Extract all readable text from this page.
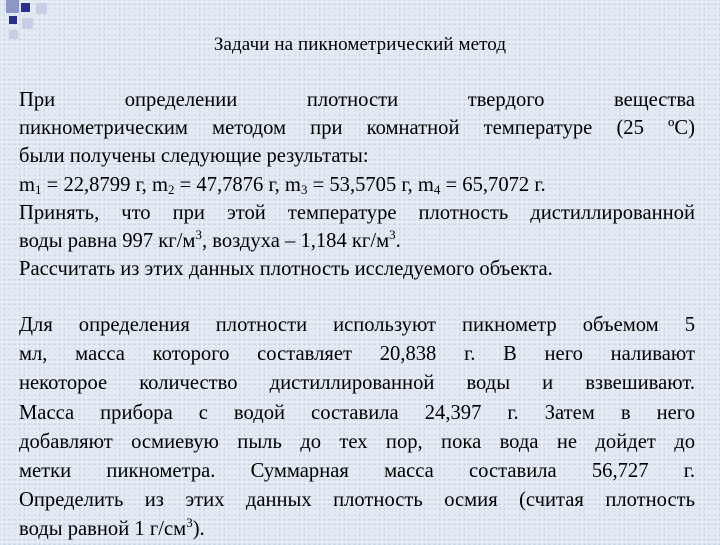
Задачи на пикнометрический метод
При определении плотности твердого вещества
пикнометрическим методом при комнатной температуре (25 ºС)
были получены следующие результаты:
$m_1 = 22,8799$ г, $m_2 = 47,7876$ г, $m_3 = 53,5705$ г, $m_4 = 65,7072$ г.
Принять, что при этой температуре плотность дистиллированной
воды равна 997 $кг/м^3$, воздуха – 1,184 $кг/м^3$.
Рассчитать из этих данных плотность исследуемого объекта.
Для определения плотности используют пикнометр объемом 5
мл, масса которого составляет 20,838 г. В него наливают
некоторое количество дистиллированной воды и взвешивают.
Масса прибора с водой составила 24,397 г. Затем в него
добавляют осмиевую пыль до тех пор, пока вода не дойдет до
метки пикнометра. Суммарная масса составила 56,727 г.
Определить из этих данных плотность осмия (считая плотность
воды равной 1 $г/см^3$).
